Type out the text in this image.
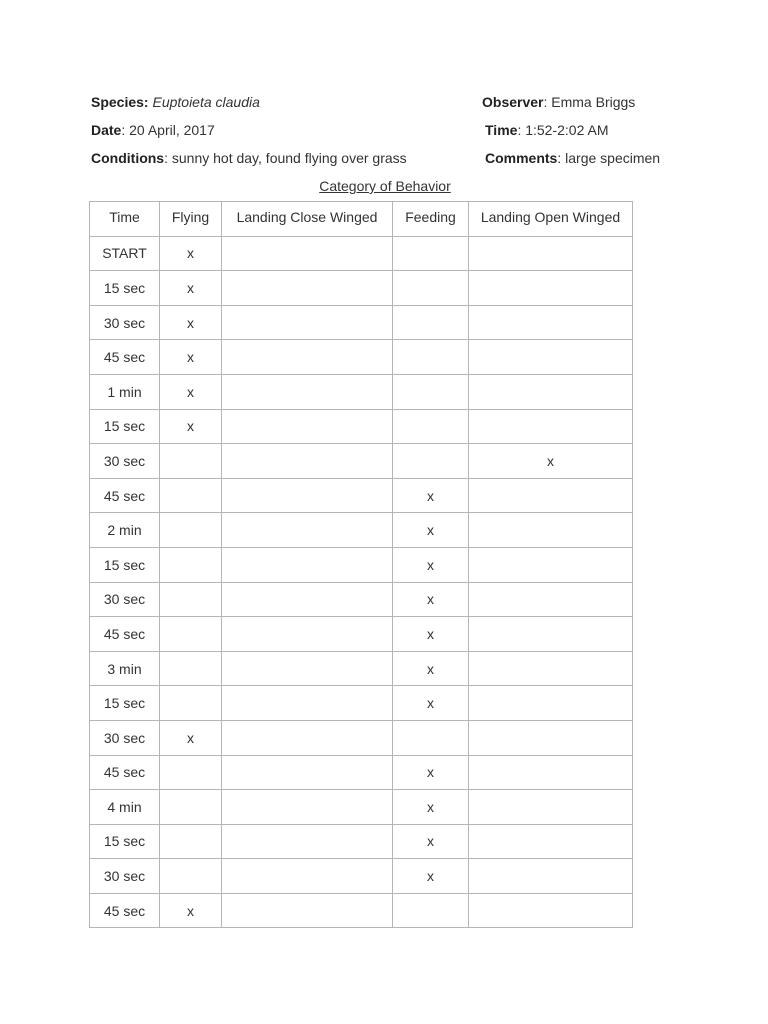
Species: Euptoieta claudia	Observer: Emma Briggs
Date: 20 April, 2017	Time: 1:52-2:02 AM
Conditions: sunny hot day, found flying over grass	Comments: large specimen
Category of Behavior
Time	Flying	Landing Close Winged	Feeding	Landing Open Winged
START	x			
15 sec	x			
30 sec	x			
45 sec	x			
1 min	x			
15 sec	x			
30 sec				x
45 sec			x	
2 min			x	
15 sec			x	
30 sec			x	
45 sec			x	
3 min			x	
15 sec			x	
30 sec	x			
45 sec			x	
4 min			x	
15 sec			x	
30 sec			x	
45 sec	x			
